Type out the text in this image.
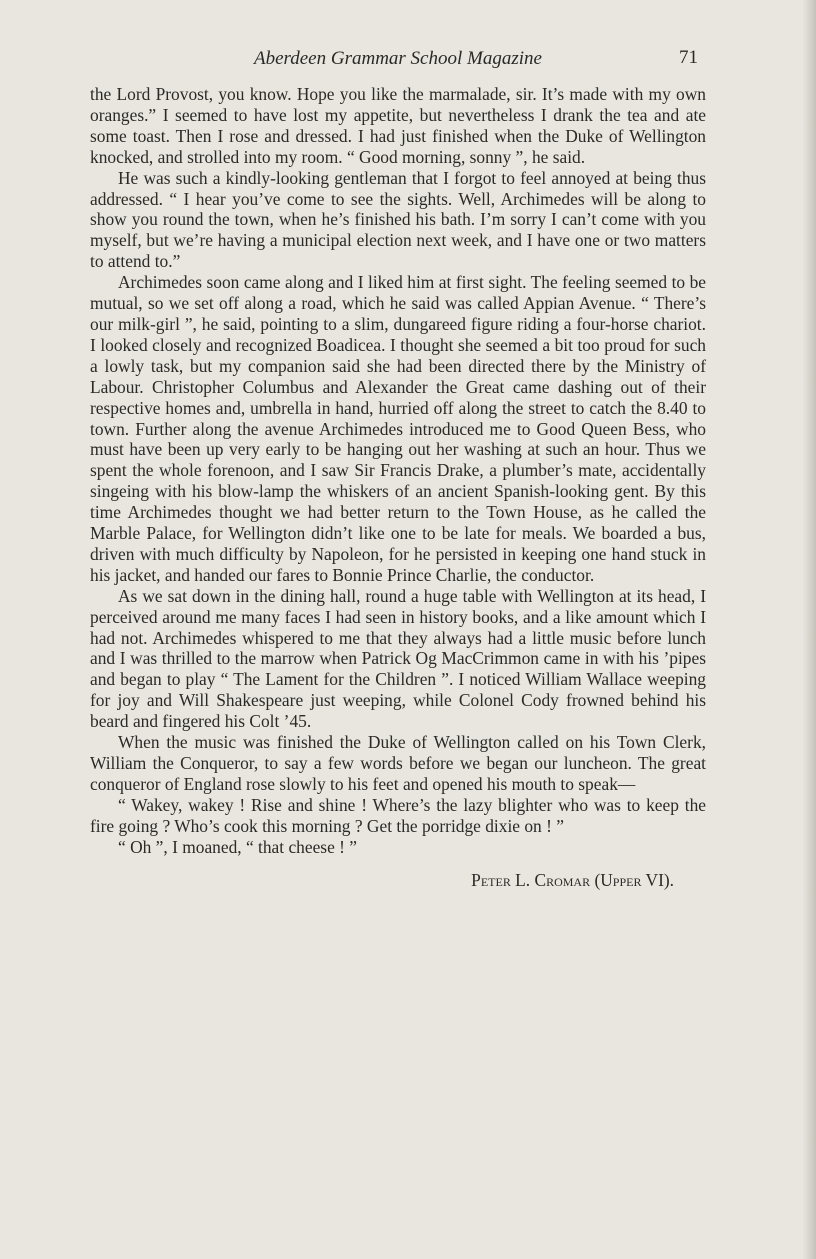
Aberdeen Grammar School Magazine	71

the Lord Provost, you know. Hope you like the marmalade, sir. It’s made with my own oranges.” I seemed to have lost my appetite, but nevertheless I drank the tea and ate some toast. Then I rose and dressed. I had just finished when the Duke of Wellington knocked, and strolled into my room. “ Good morning, sonny ”, he said.

He was such a kindly-looking gentleman that I forgot to feel annoyed at being thus addressed. “ I hear you’ve come to see the sights. Well, Archimedes will be along to show you round the town, when he’s finished his bath. I’m sorry I can’t come with you myself, but we’re having a municipal election next week, and I have one or two matters to attend to.”

Archimedes soon came along and I liked him at first sight. The feeling seemed to be mutual, so we set off along a road, which he said was called Appian Avenue. “ There’s our milk-girl ”, he said, pointing to a slim, dungareed figure riding a four-horse chariot. I looked closely and recognized Boadicea. I thought she seemed a bit too proud for such a lowly task, but my companion said she had been directed there by the Ministry of Labour. Christopher Columbus and Alexander the Great came dashing out of their respective homes and, umbrella in hand, hurried off along the street to catch the 8.40 to town. Further along the avenue Archimedes introduced me to Good Queen Bess, who must have been up very early to be hanging out her washing at such an hour. Thus we spent the whole forenoon, and I saw Sir Francis Drake, a plumber’s mate, accidentally singeing with his blow-lamp the whiskers of an ancient Spanish-looking gent. By this time Archimedes thought we had better return to the Town House, as he called the Marble Palace, for Wellington didn’t like one to be late for meals. We boarded a bus, driven with much difficulty by Napoleon, for he persisted in keeping one hand stuck in his jacket, and handed our fares to Bonnie Prince Charlie, the conductor.

As we sat down in the dining hall, round a huge table with Wellington at its head, I perceived around me many faces I had seen in history books, and a like amount which I had not. Archimedes whispered to me that they always had a little music before lunch and I was thrilled to the marrow when Patrick Og MacCrimmon came in with his ’pipes and began to play “ The Lament for the Children ”. I noticed William Wallace weeping for joy and Will Shakespeare just weeping, while Colonel Cody frowned behind his beard and fingered his Colt ’45.

When the music was finished the Duke of Wellington called on his Town Clerk, William the Conqueror, to say a few words before we began our luncheon. The great conqueror of England rose slowly to his feet and opened his mouth to speak—

“ Wakey, wakey ! Rise and shine ! Where’s the lazy blighter who was to keep the fire going ? Who’s cook this morning ? Get the porridge dixie on ! ”

“ Oh ”, I moaned, “ that cheese ! ”

Peter L. Cromar (Upper VI).
